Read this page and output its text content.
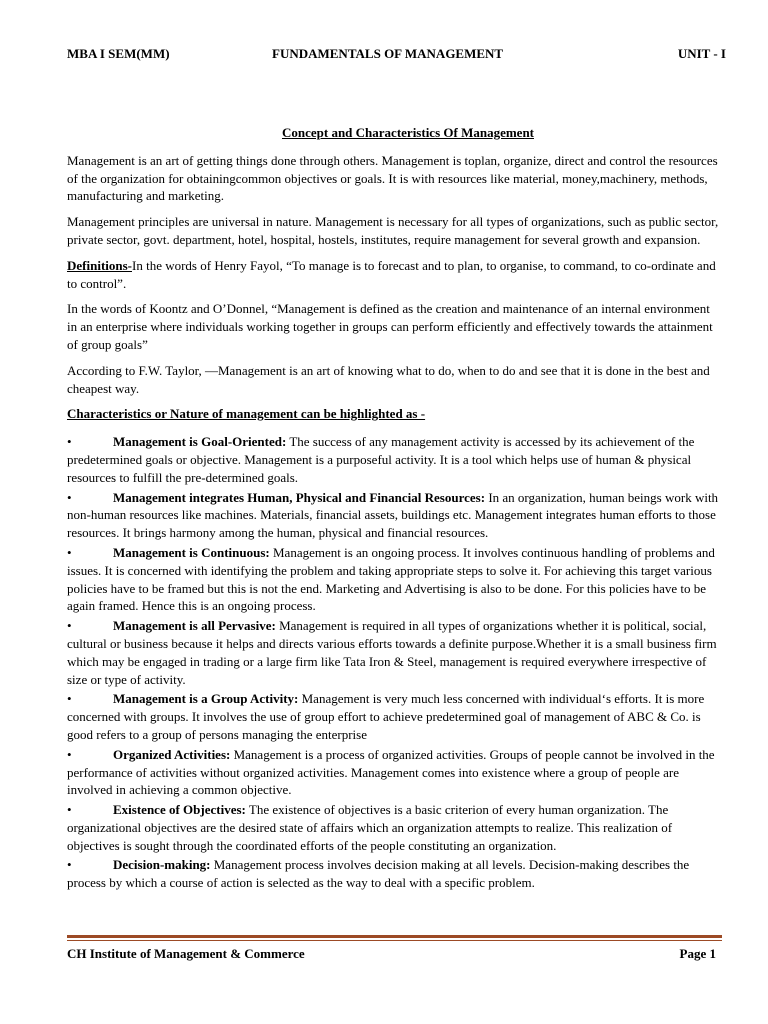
MBA I SEM(MM)	FUNDAMENTALS OF MANAGEMENT	UNIT - I
Concept and Characteristics Of Management

Management is an art of getting things done through others. Management is toplan, organize, direct and control the resources of the organization for obtainingcommon objectives or goals. It is with resources like material, money,machinery, methods, manufacturing and marketing.

Management principles are universal in nature. Management is necessary for all types of organizations, such as public sector, private sector, govt. department, hotel, hospital, hostels, institutes, require management for several growth and expansion.

Definitions-In the words of Henry Fayol, “To manage is to forecast and to plan, to organise, to command, to co-ordinate and to control”.

In the words of Koontz and O’Donnel, “Management is defined as the creation and maintenance of an internal environment in an enterprise where individuals working together in groups can perform efficiently and effectively towards the attainment of group goals”

According to F.W. Taylor, ―Management is an art of knowing what to do, when to do and see that it is done in the best and cheapest way.

Characteristics or Nature of management can be highlighted as -
•	Management is Goal-Oriented: The success of any management activity is accessed by its achievement of the predetermined goals or objective. Management is a purposeful activity. It is a tool which helps use of human & physical resources to fulfill the pre-determined goals.
•	Management integrates Human, Physical and Financial Resources: In an organization, human beings work with non-human resources like machines. Materials, financial assets, buildings etc. Management integrates human efforts to those resources. It brings harmony among the human, physical and financial resources.
•	Management is Continuous: Management is an ongoing process. It involves continuous handling of problems and issues. It is concerned with identifying the problem and taking appropriate steps to solve it. For achieving this target various policies have to be framed but this is not the end. Marketing and Advertising is also to be done. For this policies have to be again framed. Hence this is an ongoing process.
•	Management is all Pervasive: Management is required in all types of organizations whether it is political, social, cultural or business because it helps and directs various efforts towards a definite purpose.Whether it is a small business firm which may be engaged in trading or a large firm like Tata Iron & Steel, management is required everywhere irrespective of size or type of activity.
•	Management is a Group Activity: Management is very much less concerned with individual‘s efforts. It is more concerned with groups. It involves the use of group effort to achieve predetermined goal of management of ABC & Co. is good refers to a group of persons managing the enterprise
•	Organized Activities: Management is a process of organized activities. Groups of people cannot be involved in the performance of activities without organized activities. Management comes into existence where a group of people are involved in achieving a common objective.
•	Existence of Objectives: The existence of objectives is a basic criterion of every human organization. The organizational objectives are the desired state of affairs which an organization attempts to realize. This realization of objectives is sought through the coordinated efforts of the people constituting an organization.
•	Decision-making: Management process involves decision making at all levels. Decision-making describes the process by which a course of action is selected as the way to deal with a specific problem.
CH Institute of Management & Commerce	Page 1
